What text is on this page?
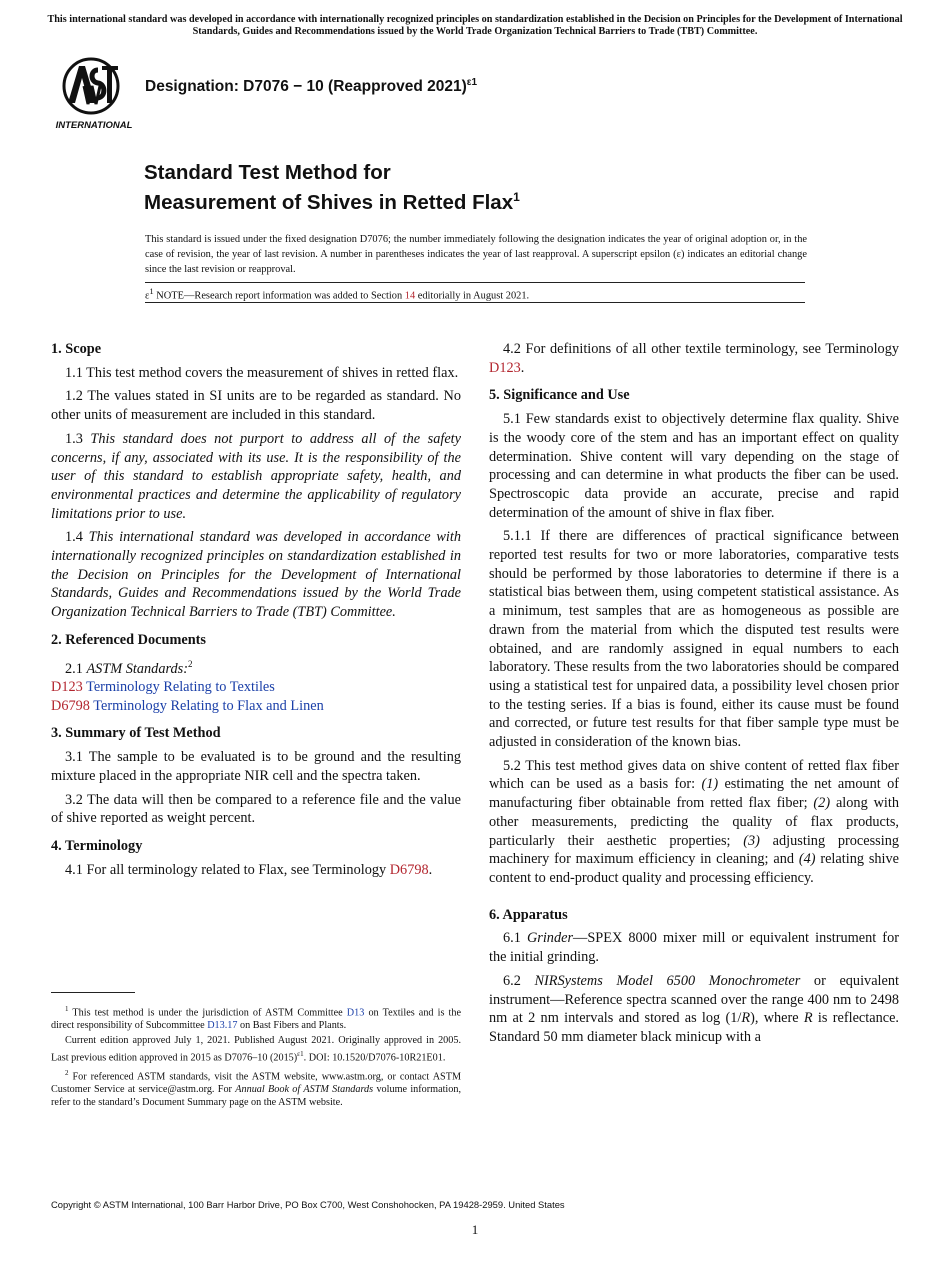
This international standard was developed in accordance with internationally recognized principles on standardization established in the Decision on Principles for the Development of International Standards, Guides and Recommendations issued by the World Trade Organization Technical Barriers to Trade (TBT) Committee.
INTERNATIONAL
Designation: D7076 − 10 (Reapproved 2021)$^{\varepsilon 1}$
Standard Test Method for
Measurement of Shives in Retted Flax$^1$
This standard is issued under the fixed designation D7076; the number immediately following the designation indicates the year of original adoption or, in the case of revision, the year of last revision. A number in parentheses indicates the year of last reapproval. A superscript epsilon (ε) indicates an editorial change since the last revision or reapproval.
$\varepsilon^1$ NOTE—Research report information was added to Section 14 editorially in August 2021.
1. Scope

1.1 This test method covers the measurement of shives in retted flax.

1.2 The values stated in SI units are to be regarded as standard. No other units of measurement are included in this standard.

1.3 This standard does not purport to address all of the safety concerns, if any, associated with its use. It is the responsibility of the user of this standard to establish appropriate safety, health, and environmental practices and determine the applicability of regulatory limitations prior to use.

1.4 This international standard was developed in accordance with internationally recognized principles on standardization established in the Decision on Principles for the Development of International Standards, Guides and Recommendations issued by the World Trade Organization Technical Barriers to Trade (TBT) Committee.

2. Referenced Documents

2.1 ASTM Standards:$^2$

D123 Terminology Relating to Textiles

D6798 Terminology Relating to Flax and Linen

3. Summary of Test Method

3.1 The sample to be evaluated is to be ground and the resulting mixture placed in the appropriate NIR cell and the spectra taken.

3.2 The data will then be compared to a reference file and the value of shive reported as weight percent.

4. Terminology

4.1 For all terminology related to Flax, see Terminology D6798.

$^1$ This test method is under the jurisdiction of ASTM Committee D13 on Textiles and is the direct responsibility of Subcommittee D13.17 on Bast Fibers and Plants.

Current edition approved July 1, 2021. Published August 2021. Originally approved in 2005. Last previous edition approved in 2015 as D7076–10 $(2015)^{\varepsilon 1}$. DOI: 10.1520/D7076-10R21E01.

$^2$ For referenced ASTM standards, visit the ASTM website, www.astm.org, or contact ASTM Customer Service at service@astm.org. For Annual Book of ASTM Standards volume information, refer to the standard’s Document Summary page on the ASTM website.

4.2 For definitions of all other textile terminology, see Terminology D123.

5. Significance and Use

5.1 Few standards exist to objectively determine flax quality. Shive is the woody core of the stem and has an important effect on quality determination. Shive content will vary depending on the stage of processing and can determine in what products the fiber can be used. Spectroscopic data provide an accurate, precise and rapid determination of the amount of shive in flax fiber.

5.1.1 If there are differences of practical significance between reported test results for two or more laboratories, comparative tests should be performed by those laboratories to determine if there is a statistical bias between them, using competent statistical assistance. As a minimum, test samples that are as homogeneous as possible are drawn from the material from which the disputed test results were obtained, and are randomly assigned in equal numbers to each laboratory. These results from the two laboratories should be compared using a statistical test for unpaired data, a possibility level chosen prior to the testing series. If a bias is found, either its cause must be found and corrected, or future test results for that fiber sample type must be adjusted in consideration of the known bias.

5.2 This test method gives data on shive content of retted flax fiber which can be used as a basis for: (1) estimating the net amount of manufacturing fiber obtainable from retted flax fiber; (2) along with other measurements, predicting the quality of flax products, particularly their aesthetic properties; (3) adjusting processing machinery for maximum efficiency in cleaning; and (4) relating shive content to end-product quality and processing efficiency.

6. Apparatus

6.1 Grinder—SPEX 8000 mixer mill or equivalent instrument for the initial grinding.

6.2 NIRSystems Model 6500 Monochrometer or equivalent instrument—Reference spectra scanned over the range 400 nm to 2498 nm at 2 nm intervals and stored as log (1/R), where R is reflectance. Standard 50 mm diameter black minicup with a

Copyright © ASTM International, 100 Barr Harbor Drive, PO Box C700, West Conshohocken, PA 19428-2959. United States
1
